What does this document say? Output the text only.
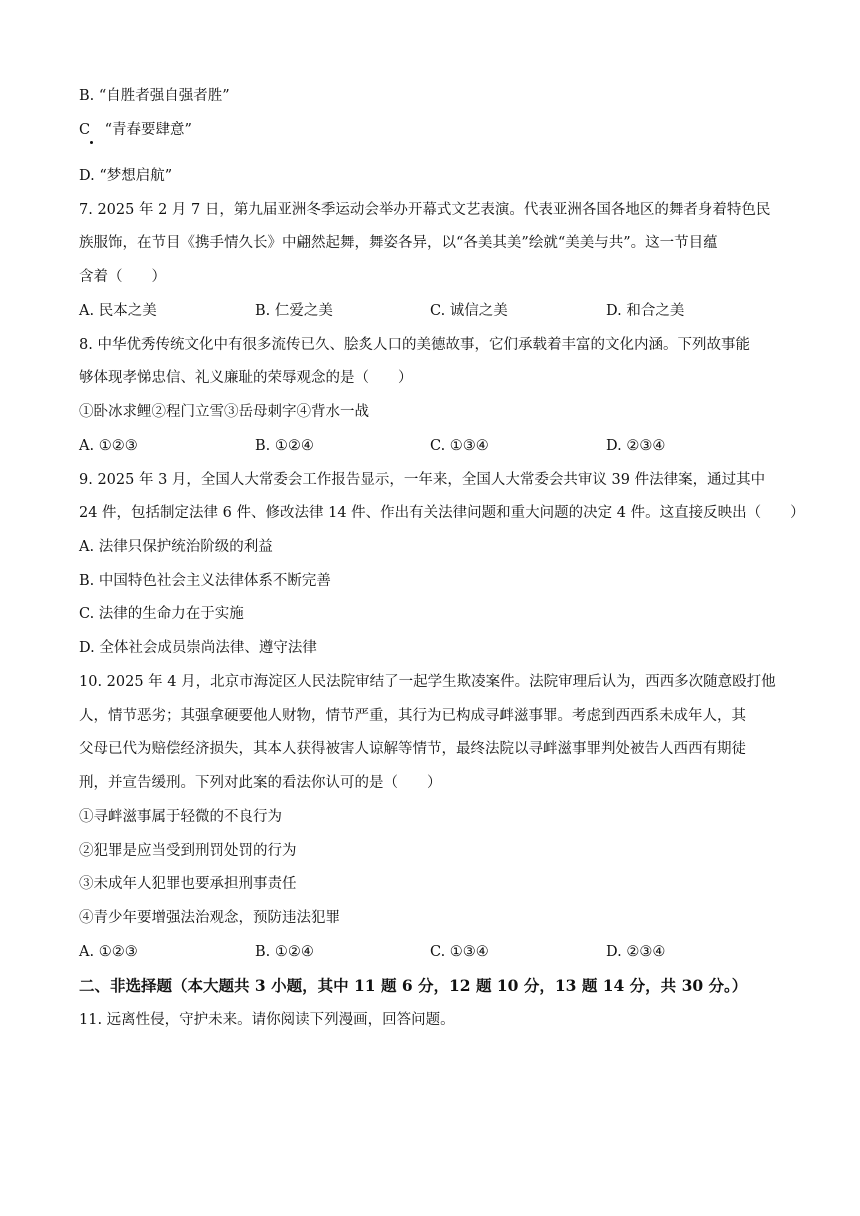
B. “自胜者强自强者胜”
C　“青春要肆意”
D. “梦想启航”
7. 2025 年 2 月 7 日，第九届亚洲冬季运动会举办开幕式文艺表演。代表亚洲各国各地区的舞者身着特色民
族服饰，在节目《携手情久长》中翩然起舞，舞姿各异，以“各美其美”绘就“美美与共”。这一节目蕴
含着（　　）
A. 民本之美	B. 仁爱之美	C. 诚信之美	D. 和合之美
8. 中华优秀传统文化中有很多流传已久、脍炙人口的美德故事，它们承载着丰富的文化内涵。下列故事能
够体现孝悌忠信、礼义廉耻的荣辱观念的是（　　）
①卧冰求鲤②程门立雪③岳母刺字④背水一战
A. ①②③	B. ①②④	C. ①③④	D. ②③④
9. 2025 年 3 月，全国人大常委会工作报告显示，一年来，全国人大常委会共审议 39 件法律案，通过其中
24 件，包括制定法律 6 件、修改法律 14 件、作出有关法律问题和重大问题的决定 4 件。这直接反映出（　　）
A. 法律只保护统治阶级的利益
B. 中国特色社会主义法律体系不断完善
C. 法律的生命力在于实施
D. 全体社会成员崇尚法律、遵守法律
10. 2025 年 4 月，北京市海淀区人民法院审结了一起学生欺凌案件。法院审理后认为，西西多次随意殴打他
人，情节恶劣；其强拿硬要他人财物，情节严重，其行为已构成寻衅滋事罪。考虑到西西系未成年人，其
父母已代为赔偿经济损失，其本人获得被害人谅解等情节，最终法院以寻衅滋事罪判处被告人西西有期徒
刑，并宣告缓刑。下列对此案的看法你认可的是（　　）
①寻衅滋事属于轻微的不良行为
②犯罪是应当受到刑罚处罚的行为
③未成年人犯罪也要承担刑事责任
④青少年要增强法治观念，预防违法犯罪
A. ①②③	B. ①②④	C. ①③④	D. ②③④
二、非选择题（本大题共 3 小题，其中 11 题 6 分，12 题 10 分，13 题 14 分，共 30 分。）
11. 远离性侵，守护未来。请你阅读下列漫画，回答问题。
